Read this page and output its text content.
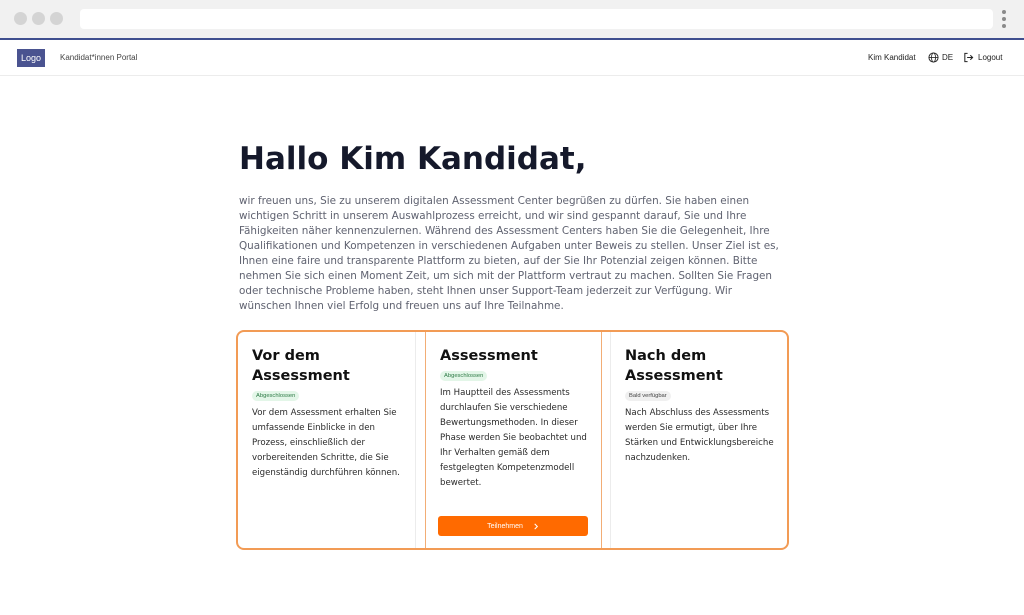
Logo	Kandidat*innen Portal	Kim Kandidat	DE	Logout
Hallo Kim Kandidat,

wir freuen uns, Sie zu unserem digitalen Assessment Center begrüßen zu dürfen. Sie haben einen wichtigen Schritt in unserem Auswahlprozess erreicht, und wir sind gespannt darauf, Sie und Ihre Fähigkeiten näher kennenzulernen. Während des Assessment Centers haben Sie die Gelegenheit, Ihre Qualifikationen und Kompetenzen in verschiedenen Aufgaben unter Beweis zu stellen. Unser Ziel ist es, Ihnen eine faire und transparente Plattform zu bieten, auf der Sie Ihr Potenzial zeigen können. Bitte nehmen Sie sich einen Moment Zeit, um sich mit der Plattform vertraut zu machen. Sollten Sie Fragen oder technische Probleme haben, steht Ihnen unser Support-Team jederzeit zur Verfügung. Wir wünschen Ihnen viel Erfolg und freuen uns auf Ihre Teilnahme.

Vor dem Assessment
Abgeschlossen
Vor dem Assessment erhalten Sie umfassende Einblicke in den Prozess, einschließlich der vorbereitenden Schritte, die Sie eigenständig durchführen können.
Assessment
Abgeschlossen
Im Hauptteil des Assessments durchlaufen Sie verschiedene Bewertungsmethoden. In dieser Phase werden Sie beobachtet und Ihr Verhalten gemäß dem festgelegten Kompetenzmodell bewertet.
Teilnehmen
Nach dem Assessment
Bald verfügbar
Nach Abschluss des Assessments werden Sie ermutigt, über Ihre Stärken und Entwicklungsbereiche nachzudenken.
